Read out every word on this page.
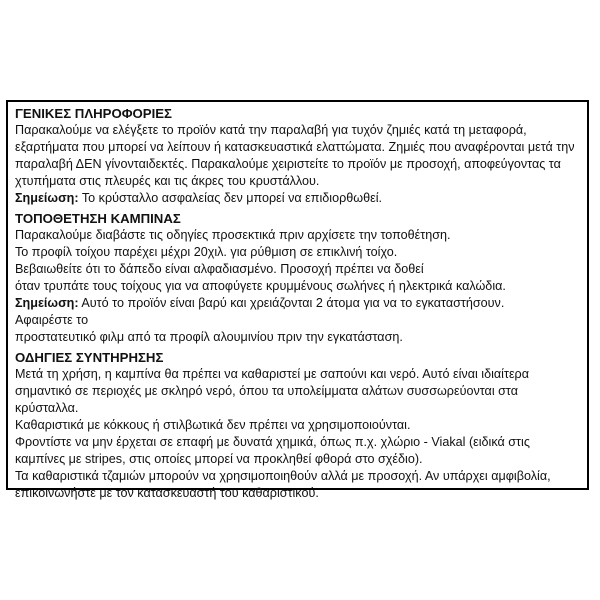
ΓΕΝΙΚΕΣ ΠΛΗΡΟΦΟΡΙΕΣ

Παρακαλούμε να ελέγξετε το προϊόν κατά την παραλαβή για τυχόν ζημιές κατά τη μεταφορά, εξαρτήματα που μπορεί να λείπουν ή κατασκευαστικά ελαττώματα. Ζημιές που αναφέρονται μετά την παραλαβή ΔΕΝ γίνονταιδεκτές. Παρακαλούμε χειριστείτε το προϊόν με προσοχή, αποφεύγοντας τα χτυπήματα στις πλευρές και τις άκρες του κρυστάλλου.

Σημείωση: Το κρύσταλλο ασφαλείας δεν μπορεί να επιδιορθωθεί.

ΤΟΠΟΘΕΤΗΣΗ ΚΑΜΠΙΝΑΣ

Παρακαλούμε διαβάστε τις οδηγίες προσεκτικά πριν αρχίσετε την τοποθέτηση.

Το προφίλ τοίχου παρέχει μέχρι 20χιλ. για ρύθμιση σε επικλινή τοίχο.

Βεβαιωθείτε ότι το δάπεδο είναι αλφαδιασμένο. Προσοχή πρέπει να δοθεί

όταν τρυπάτε τους τοίχους για να αποφύγετε κρυμμένους σωλήνες ή ηλεκτρικά καλώδια.

Σημείωση: Αυτό το προϊόν είναι βαρύ και χρειάζονται 2 άτομα για να το εγκαταστήσουν.

Αφαιρέστε το

προστατευτικό φιλμ από τα προφίλ αλουμινίου πριν την εγκατάσταση.

ΟΔΗΓΙΕΣ ΣΥΝΤΗΡΗΣΗΣ

Μετά τη χρήση, η καμπίνα θα πρέπει να καθαριστεί με σαπούνι και νερό. Αυτό είναι ιδιαίτερα σημαντικό σε περιοχές με σκληρό νερό, όπου τα υπολείμματα αλάτων συσσωρεύονται στα κρύσταλλα.

Καθαριστικά με κόκκους ή στιλβωτικά δεν πρέπει να χρησιμοποιούνται.

Φροντίστε να μην έρχεται σε επαφή με δυνατά χημικά, όπως π.χ. χλώριο - Viakal (ειδικά στις καμπίνες με stripes, στις οποίες μπορεί να προκληθεί φθορά στο σχέδιο).

Τα καθαριστικά τζαμιών μπορούν να χρησιμοποιηθούν αλλά με προσοχή. Αν υπάρχει αμφιβολία, επικοινωνήστε με τον κατασκευαστή του καθαριστικού.
